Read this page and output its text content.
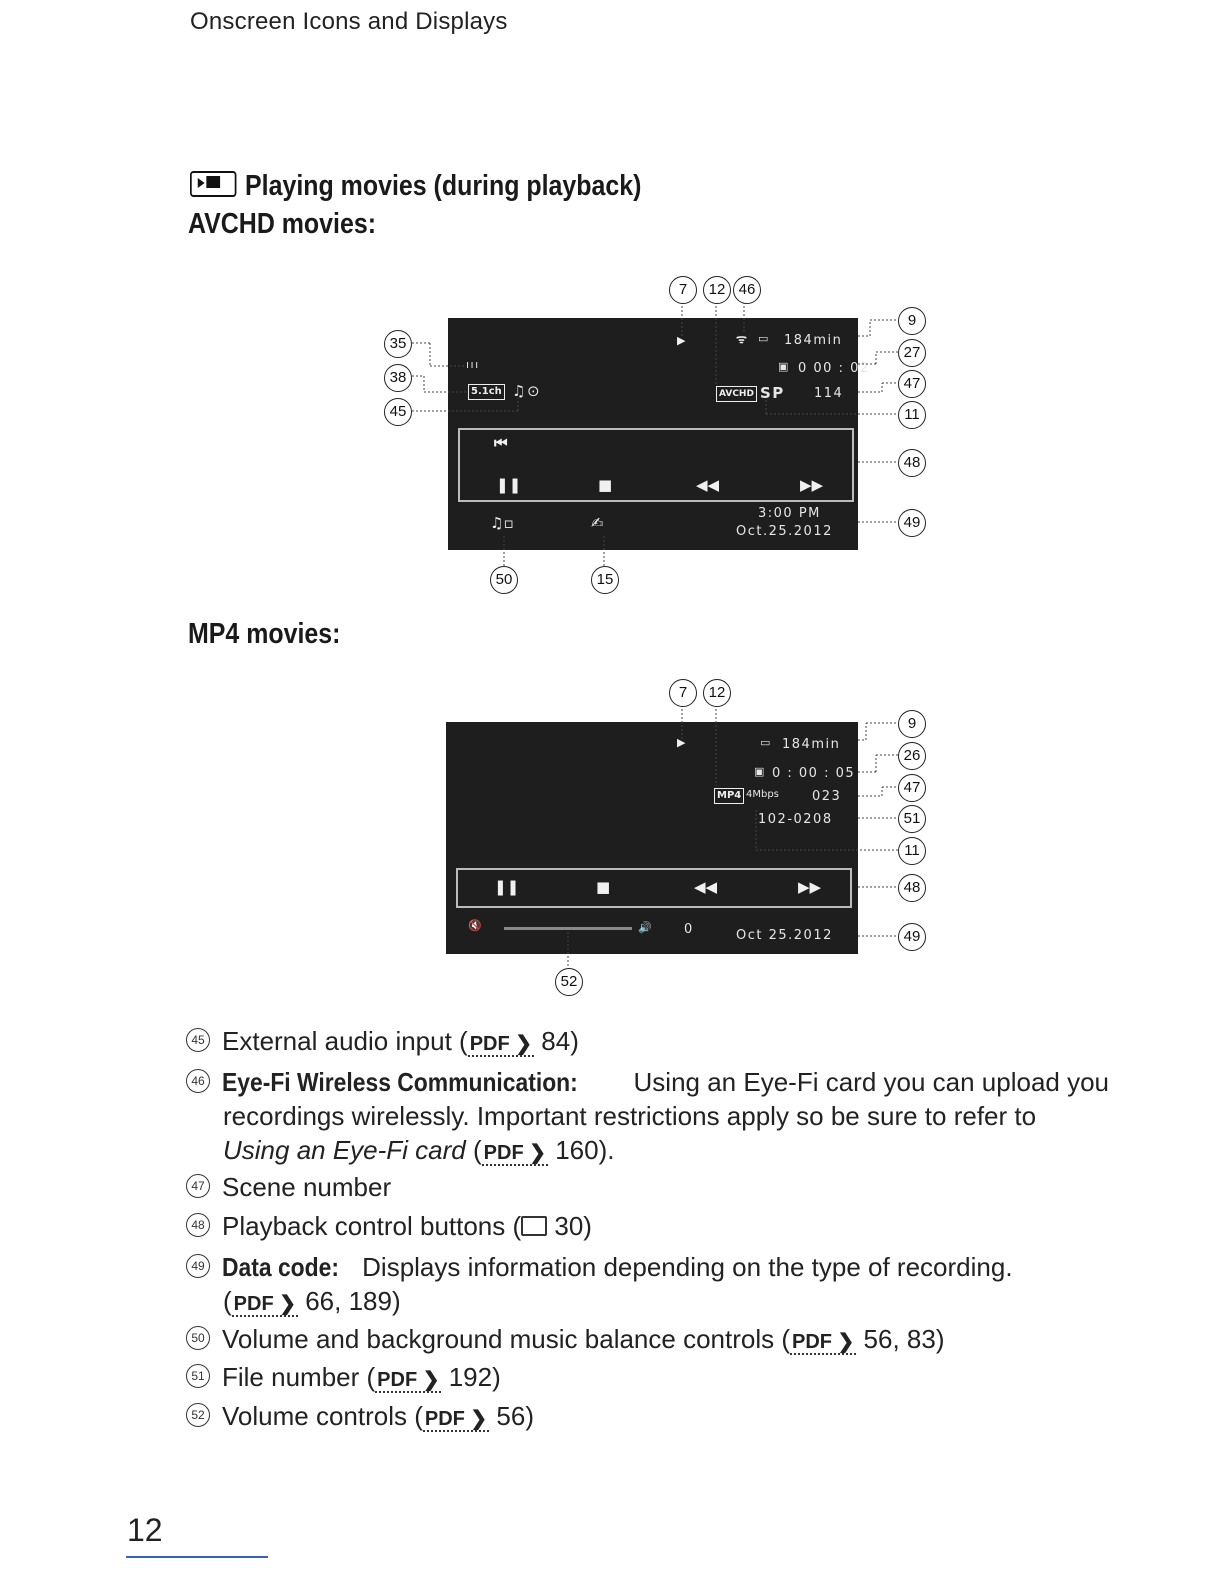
Onscreen Icons and Displays
Playing movies (during playback)
AVCHD movies:
▶	ᯤ ▭ 184min
▣ 0 00 : 02
AVCHD SP 114
ııı
5.1ch ♫⊙
⏮
❚❚	■	◀◀	▶▶
♫▫	✍
3:00 PM
Oct.25.2012
7	12 46
9
27
47
11
48
49
35
38
45
50	15
MP4 movies:
▶	▭ 184min
▣ 0 : 00 : 05
MP4 4Mbps	023
102-0208
❚❚	■	◀◀	▶▶
🔇	🔊 0	Oct 25.2012
7	12
9
26
47
51
11
48
49
52
45 External audio input ( PDF ❯ 84)
46 Eye-Fi Wireless Communication: Using an Eye-Fi card you can upload you
recordings wirelessly. Important restrictions apply so be sure to refer to
Using an Eye-Fi card ( PDF ❯ 160).
47 Scene number
48 Playback control buttons ( 30)
49 Data code: Displays information depending on the type of recording.
( PDF ❯ 66, 189)
50 Volume and background music balance controls ( PDF ❯ 56, 83)
51 File number ( PDF ❯ 192)
52 Volume controls ( PDF ❯ 56)
12
